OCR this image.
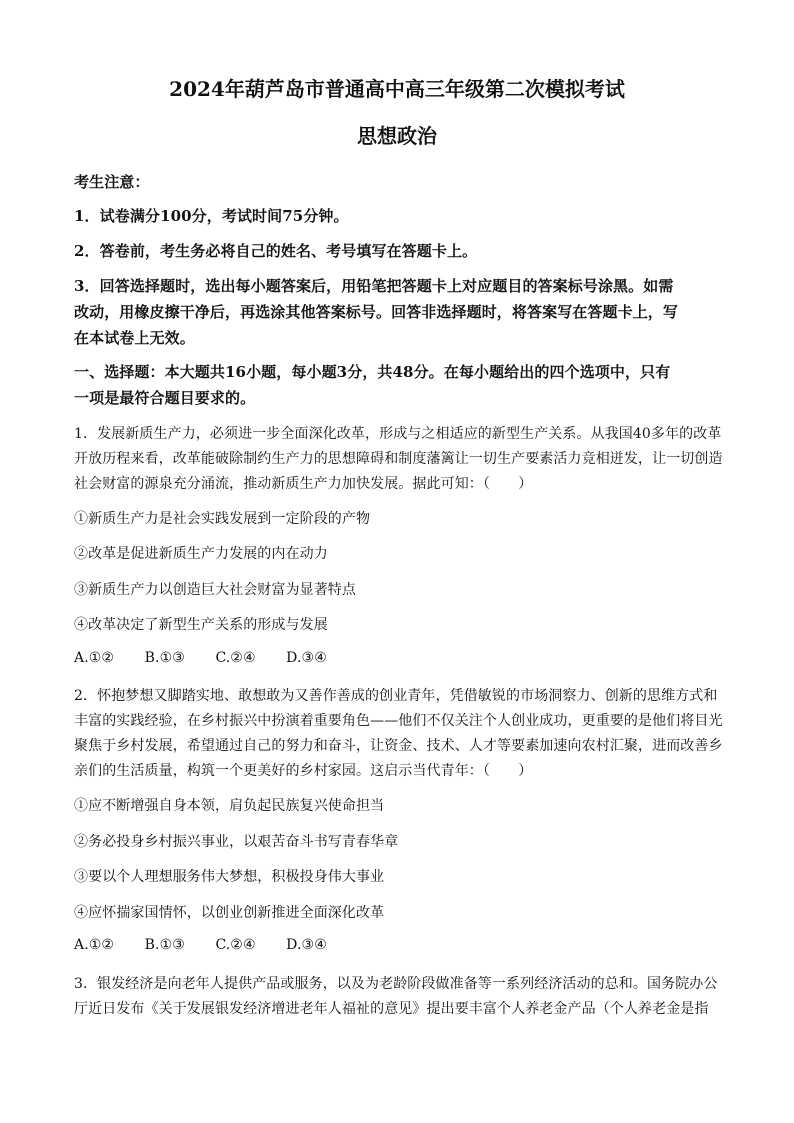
2024年葫芦岛市普通高中高三年级第二次模拟考试
思想政治
考生注意：
1．试卷满分100分，考试时间75分钟。
2．答卷前，考生务必将自己的姓名、考号填写在答题卡上。
3．回答选择题时，选出每小题答案后，用铅笔把答题卡上对应题目的答案标号涂黑。如需
改动，用橡皮擦干净后，再选涂其他答案标号。回答非选择题时，将答案写在答题卡上，写
在本试卷上无效。
一、选择题：本大题共16小题，每小题3分，共48分。在每小题给出的四个选项中，只有
一项是最符合题目要求的。
1．发展新质生产力，必须进一步全面深化改革，形成与之相适应的新型生产关系。从我国40多年的改革
开放历程来看，改革能破除制约生产力的思想障碍和制度藩篱让一切生产要素活力竞相迸发，让一切创造
社会财富的源泉充分涌流，推动新质生产力加快发展。据此可知：（　　）
①新质生产力是社会实践发展到一定阶段的产物
②改革是促进新质生产力发展的内在动力
③新质生产力以创造巨大社会财富为显著特点
④改革决定了新型生产关系的形成与发展
A.①② B.①③ C.②④ D.③④
2．怀抱梦想又脚踏实地、敢想敢为又善作善成的创业青年，凭借敏锐的市场洞察力、创新的思维方式和
丰富的实践经验，在乡村振兴中扮演着重要角色——他们不仅关注个人创业成功，更重要的是他们将目光
聚焦于乡村发展，希望通过自己的努力和奋斗，让资金、技术、人才等要素加速向农村汇聚，进而改善乡
亲们的生活质量，构筑一个更美好的乡村家园。这启示当代青年：（　　）
①应不断增强自身本领，肩负起民族复兴使命担当
②务必投身乡村振兴事业，以艰苦奋斗书写青春华章
③要以个人理想服务伟大梦想，积极投身伟大事业
④应怀揣家国情怀，以创业创新推进全面深化改革
A.①② B.①③ C.②④ D.③④
3．银发经济是向老年人提供产品或服务，以及为老龄阶段做准备等一系列经济活动的总和。国务院办公
厅近日发布《关于发展银发经济增进老年人福祉的意见》提出要丰富个人养老金产品（个人养老金是指
